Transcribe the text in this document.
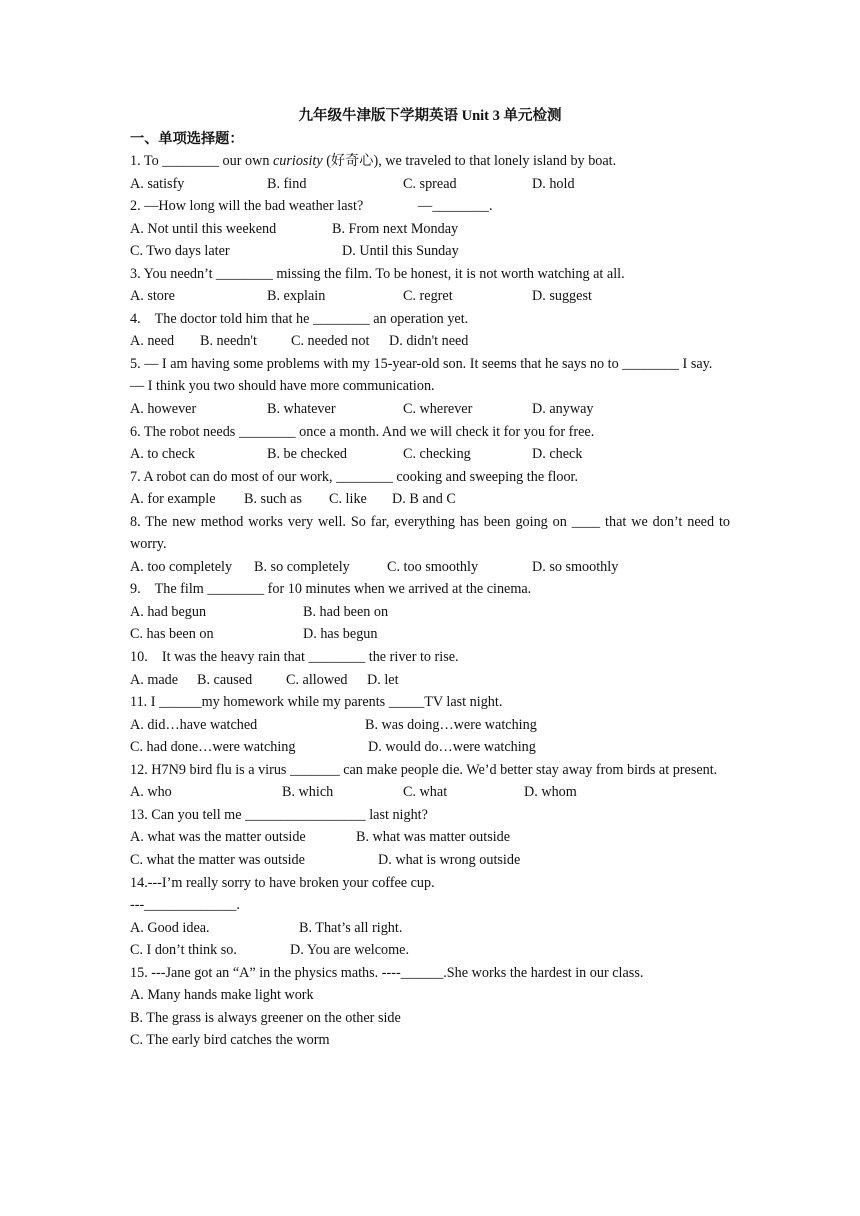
九年级牛津版下学期英语 Unit 3 单元检测
一、单项选择题：
1. To ________ our own curiosity (好奇心), we traveled to that lonely island by boat.
A. satisfy	B. find	C. spread	D. hold
2. —How long will the bad weather last?	—________.
A. Not until this weekend	B. From next Monday
C. Two days later	D. Until this Sunday
3. You needn’t ________ missing the film. To be honest, it is not worth watching at all.
A. store	B. explain	C. regret	D. suggest
4.    The doctor told him that he ________ an operation yet.
A. need B. needn't C. needed not D. didn't need
5. — I am having some problems with my 15-year-old son. It seems that he says no to ________ I say.
— I think you two should have more communication.
A. however	B. whatever	C. wherever	D. anyway
6. The robot needs ________ once a month. And we will check it for you for free.
A. to check	B. be checked	C. checking	D. check
7. A robot can do most of our work, ________ cooking and sweeping the floor.
A. for example B. such as C. like D. B and C
8. The new method works very well. So far, everything has been going on ____ that we don’t need to worry.
A. too completely B. so completely	C. too smoothly	D. so smoothly
9.    The film ________ for 10 minutes when we arrived at the cinema.
A. had begun	B. had been on
C. has been on	D. has begun
10.    It was the heavy rain that ________ the river to rise.
A. made B. caused C. allowed D. let
11. I ______my homework while my parents _____TV last night.
A. did…have watched	B. was doing…were watching
C. had done…were watching	D. would do…were watching
12. H7N9 bird flu is a virus _______ can make people die. We’d better stay away from birds at present.
A. who	B. which	C. what	D. whom
13. Can you tell me _________________ last night?
A. what was the matter outside	B. what was matter outside
C. what the matter was outside	D. what is wrong outside
14.---I’m really sorry to have broken your coffee cup.
---_____________.
A. Good idea.	B. That’s all right.
C. I don’t think so.	D. You are welcome.
15. ---Jane got an “A” in the physics maths. ----______.She works the hardest in our class.
A. Many hands make light work
B. The grass is always greener on the other side
C. The early bird catches the worm
